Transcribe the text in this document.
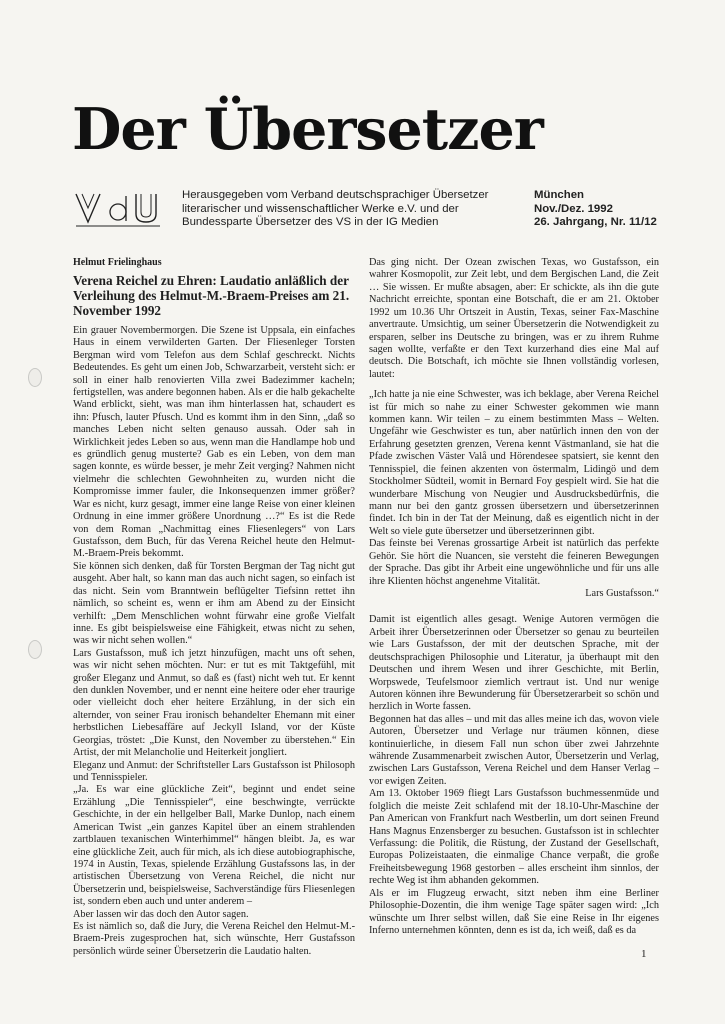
Der Übersetzer
Herausgegeben vom Verband deutschsprachiger Übersetzer
literarischer und wissenschaftlicher Werke e.V. und der
Bundessparte Übersetzer des VS in der IG Medien
München
Nov./Dez. 1992
26. Jahrgang, Nr. 11/12

Helmut Frielinghaus

Verena Reichel zu Ehren: Laudatio anläßlich der Verleihung des Helmut-M.-Braem-Preises am 21. November 1992

Ein grauer Novembermorgen. Die Szene ist Uppsala, ein einfaches Haus in einem verwilderten Garten. Der Fliesenleger Torsten Bergman wird vom Telefon aus dem Schlaf geschreckt. Nichts Bedeutendes. Es geht um einen Job, Schwarzarbeit, versteht sich: er soll in einer halb renovierten Villa zwei Badezimmer kacheln; fertigstellen, was andere begonnen haben. Als er die halb gekachelte Wand erblickt, sieht, was man ihm hinterlassen hat, schaudert es ihn: Pfusch, lauter Pfusch. Und es kommt ihm in den Sinn, „daß so manches Leben nicht selten genauso aussah. Oder sah in Wirklichkeit jedes Leben so aus, wenn man die Handlampe hob und es gründlich genug musterte? Gab es ein Leben, von dem man sagen konnte, es würde besser, je mehr Zeit verging? Nahmen nicht vielmehr die schlechten Gewohnheiten zu, wurden nicht die Kompromisse immer fauler, die Inkonsequenzen immer größer? War es nicht, kurz gesagt, immer eine lange Reise von einer kleinen Ordnung in eine immer größere Unordnung …?“ Es ist die Rede von dem Roman „Nachmittag eines Fliesenlegers“ von Lars Gustafsson, dem Buch, für das Verena Reichel heute den Helmut-M.-Braem-Preis bekommt.

Sie können sich denken, daß für Torsten Bergman der Tag nicht gut ausgeht. Aber halt, so kann man das auch nicht sagen, so einfach ist das nicht. Sein vom Branntwein beflügelter Tiefsinn rettet ihn nämlich, so scheint es, wenn er ihm am Abend zu der Einsicht verhilft: „Dem Menschlichen wohnt fürwahr eine große Vielfalt inne. Es gibt beispielsweise eine Fähigkeit, etwas nicht zu sehen, was wir nicht sehen wollen.“

Lars Gustafsson, muß ich jetzt hinzufügen, macht uns oft sehen, was wir nicht sehen möchten. Nur: er tut es mit Taktgefühl, mit großer Eleganz und Anmut, so daß es (fast) nicht weh tut. Er kennt den dunklen November, und er nennt eine heitere oder eher traurige oder vielleicht doch eher heitere Erzählung, in der sich ein alternder, von seiner Frau ironisch behandelter Ehemann mit einer herbstlichen Liebesaffäre auf Jeckyll Island, vor der Küste Georgias, tröstet: „Die Kunst, den November zu überstehen.“ Ein Artist, der mit Melancholie und Heiterkeit jongliert.

Eleganz und Anmut: der Schriftsteller Lars Gustafsson ist Philosoph und Tennisspieler.

„Ja. Es war eine glückliche Zeit“, beginnt und endet seine Erzählung „Die Tennisspieler“, eine beschwingte, verrückte Geschichte, in der ein hellgelber Ball, Marke Dunlop, nach einem American Twist „ein ganzes Kapitel über an einem strahlenden zartblauen texanischen Winterhimmel“ hängen bleibt. Ja, es war eine glückliche Zeit, auch für mich, als ich diese autobiographische, 1974 in Austin, Texas, spielende Erzählung Gustafssons las, in der artistischen Übersetzung von Verena Reichel, die nicht nur Übersetzerin und, beispielsweise, Sachverständige fürs Fliesenlegen ist, sondern eben auch und unter anderem –

Aber lassen wir das doch den Autor sagen.

Es ist nämlich so, daß die Jury, die Verena Reichel den Helmut-M.-Braem-Preis zugesprochen hat, sich wünschte, Herr Gustafsson persönlich würde seiner Übersetzerin die Laudatio halten.

Das ging nicht. Der Ozean zwischen Texas, wo Gustafsson, ein wahrer Kosmopolit, zur Zeit lebt, und dem Bergischen Land, die Zeit … Sie wissen. Er mußte absagen, aber: Er schickte, als ihn die gute Nachricht erreichte, spontan eine Botschaft, die er am 21. Oktober 1992 um 10.36 Uhr Ortszeit in Austin, Texas, seiner Fax-Maschine anvertraute. Umsichtig, um seiner Übersetzerin die Notwendigkeit zu ersparen, selber ins Deutsche zu bringen, was er zu ihrem Ruhme sagen wollte, verfaßte er den Text kurzerhand dies eine Mal auf deutsch. Die Botschaft, ich möchte sie Ihnen vollständig vorlesen, lautet:

„Ich hatte ja nie eine Schwester, was ich beklage, aber Verena Reichel ist für mich so nahe zu einer Schwester gekommen wie mann kommen kann. Wir teilen – zu einem bestimmten Mass – Welten. Ungefähr wie Geschwister es tun, aber natürlich innen den von der Erfahrung gesetzten grenzen, Verena kennt Västmanland, sie hat die Pfade zwischen Väster Valå und Hörendesee spatsiert, sie kennt den Tennisspiel, die feinen akzenten von östermalm, Lidingö und dem Stockholmer Südteil, womit in Bernard Foy gespielt wird. Sie hat die wunderbare Mischung von Neugier und Ausdrucksbedürfnis, die mann nur bei den gantz grossen übersetzern und übersetzerinnen findet. Ich bin in der Tat der Meinung, daß es eigentlich nicht in der Welt so viele gute übersetzer und übersetzerinnen gibt.

Das feinste bei Verenas grossartige Arbeit ist natürlich das perfekte Gehör. Sie hört die Nuancen, sie versteht die feineren Bewegungen der Sprache. Das gibt ihr Arbeit eine ungewöhnliche und für uns alle ihre Klienten höchst angenehme Vitalität.

Lars Gustafsson.“

Damit ist eigentlich alles gesagt. Wenige Autoren vermögen die Arbeit ihrer Übersetzerinnen oder Übersetzer so genau zu beurteilen wie Lars Gustafsson, der mit der deutschen Sprache, mit der deutschsprachigen Philosophie und Literatur, ja überhaupt mit den Deutschen und ihrem Wesen und ihrer Geschichte, mit Berlin, Worpswede, Teufelsmoor ziemlich vertraut ist. Und nur wenige Autoren können ihre Bewunderung für Übersetzerarbeit so schön und herzlich in Worte fassen.

Begonnen hat das alles – und mit das alles meine ich das, wovon viele Autoren, Übersetzer und Verlage nur träumen können, diese kontinuierliche, in diesem Fall nun schon über zwei Jahrzehnte währende Zusammenarbeit zwischen Autor, Übersetzerin und Verlag, zwischen Lars Gustafsson, Verena Reichel und dem Hanser Verlag – vor ewigen Zeiten.

Am 13. Oktober 1969 fliegt Lars Gustafsson buchmessenmüde und folglich die meiste Zeit schlafend mit der 18.10-Uhr-Maschine der Pan American von Frankfurt nach Westberlin, um dort seinen Freund Hans Magnus Enzensberger zu besuchen. Gustafsson ist in schlechter Verfassung: die Politik, die Rüstung, der Zustand der Gesellschaft, Europas Polizeistaaten, die einmalige Chance verpaßt, die große Freiheitsbewegung 1968 gestorben – alles erscheint ihm sinnlos, der rechte Weg ist ihm abhanden gekommen.

Als er im Flugzeug erwacht, sitzt neben ihm eine Berliner Philosophie-Dozentin, die ihm wenige Tage später sagen wird: „Ich wünschte um Ihrer selbst willen, daß Sie eine Reise in Ihr eigenes Inferno unternehmen könnten, denn es ist da, ich weiß, daß es da

1
